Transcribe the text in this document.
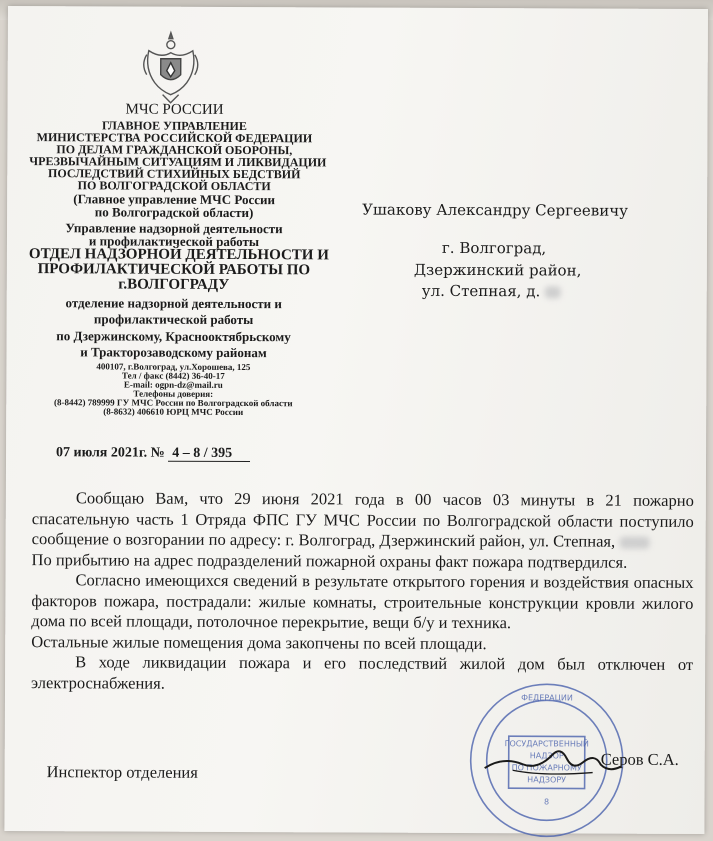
МЧС РОССИИ
ГЛАВНОЕ УПРАВЛЕНИЕ
МИНИСТЕРСТВА РОССИЙСКОЙ ФЕДЕРАЦИИ
ПО ДЕЛАМ ГРАЖДАНСКОЙ ОБОРОНЫ,
ЧРЕЗВЫЧАЙНЫМ СИТУАЦИЯМ И ЛИКВИДАЦИИ
ПОСЛЕДСТВИЙ СТИХИЙНЫХ БЕДСТВИЙ
ПО ВОЛГОГРАДСКОЙ ОБЛАСТИ
(Главное управление МЧС России
по Волгоградской области)
Управление надзорной деятельности
и профилактической работы
ОТДЕЛ НАДЗОРНОЙ ДЕЯТЕЛЬНОСТИ И
ПРОФИЛАКТИЧЕСКОЙ РАБОТЫ ПО
г.ВОЛГОГРАДУ
отделение надзорной деятельности и
профилактической работы
по Дзержинскому, Краснооктябрьскому
и Тракторозаводскому районам
400107, г.Волгоград, ул.Хорошева, 125
Тел / факс (8442) 36-40-17
E-mail: ogpn-dz@mail.ru
Телефоны доверия:
(8-8442) 789999 ГУ МЧС России по Волгоградской области
(8-8632) 406610 ЮРЦ МЧС России
07 июля 2021г. № 4 – 8 / 395
Ушакову Александру Сергеевичу
г. Волгоград,
Дзержинский район,
ул. Степная, д.

Сообщаю Вам, что 29 июня 2021 года в 00 часов 03 минуты в 21 пожарно спасательную часть 1 Отряда ФПС ГУ МЧС России по Волгоградской области поступило сообщение о возгорании по адресу: г. Волгоград, Дзержинский район, ул. Степная,

По прибытию на адрес подразделений пожарной охраны факт пожара подтвердился.

Согласно имеющихся сведений в результате открытого горения и воздействия опасных факторов пожара, пострадали: жилые комнаты, строительные конструкции кровли жилого дома по всей площади, потолочное перекрытие, вещи б/у и техника.

Остальные жилые помещения дома закопчены по всей площади.

В ходе ликвидации пожара и его последствий жилой дом был отключен от электроснабжения.

Инспектор отделения
ФЕДЕРАЦИИ
ГОСУДАРСТВЕННЫЙ
НАДЗОР
ПО ПОЖАРНОМУ
НАДЗОРУ
8
Серов С.А.
